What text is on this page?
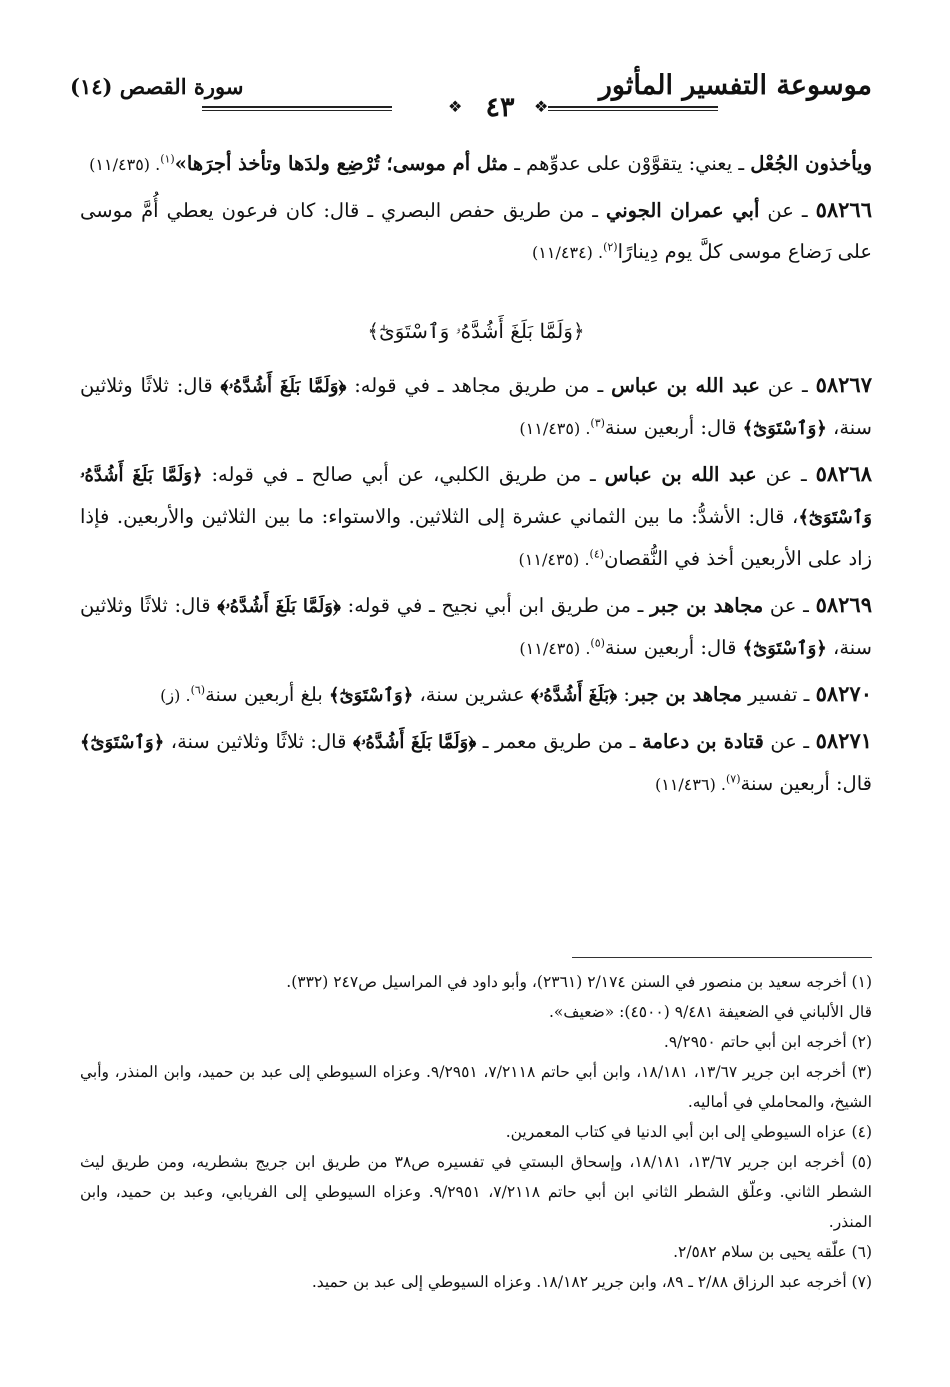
موسوعة التفسير المأثور
❖
٤٣
❖
سورة القصص (١٤)

ويأخذون الجُعْل ـ يعني: يتقوَّوْن على عدوِّهم ـ مثل أم موسى؛ تُرْضِع ولدَها وتأخذ أجرَها»$^{(١)}$. (١١/٤٣٥)

٥٨٢٦٦ ـ عن أبي عمران الجوني ـ من طريق حفص البصري ـ قال: كان فرعون يعطي أُمَّ موسى على رَضاع موسى كلَّ يوم دِينارًا$^{(٢)}$. (١١/٤٣٤)

﴿وَلَمَّا بَلَغَ أَشُدَّهُۥ وَٱسْتَوَىٰٓ﴾

٥٨٢٦٧ ـ عن عبد الله بن عباس ـ من طريق مجاهد ـ في قوله: ﴿وَلَمَّا بَلَغَ أَشُدَّهُۥ﴾ قال: ثلاثًا وثلاثين سنة، ﴿وَٱسْتَوَىٰٓ﴾ قال: أربعين سنة$^{(٣)}$. (١١/٤٣٥)

٥٨٢٦٨ ـ عن عبد الله بن عباس ـ من طريق الكلبي، عن أبي صالح ـ في قوله: ﴿وَلَمَّا بَلَغَ أَشُدَّهُۥ وَٱسْتَوَىٰٓ﴾، قال: الأشدُّ: ما بين الثماني عشرة إلى الثلاثين. والاستواء: ما بين الثلاثين والأربعين. فإذا زاد على الأربعين أخذ في النُّقصان$^{(٤)}$. (١١/٤٣٥)

٥٨٢٦٩ ـ عن مجاهد بن جبر ـ من طريق ابن أبي نجيح ـ في قوله: ﴿وَلَمَّا بَلَغَ أَشُدَّهُۥ﴾ قال: ثلاثًا وثلاثين سنة، ﴿وَٱسْتَوَىٰٓ﴾ قال: أربعين سنة$^{(٥)}$. (١١/٤٣٥)

٥٨٢٧٠ ـ تفسير مجاهد بن جبر: ﴿بَلَغَ أَشُدَّهُۥ﴾ عشرين سنة، ﴿وَٱسْتَوَىٰٓ﴾ بلغ أربعين سنة$^{(٦)}$. (ز)

٥٨٢٧١ ـ عن قتادة بن دعامة ـ من طريق معمر ـ ﴿وَلَمَّا بَلَغَ أَشُدَّهُۥ﴾ قال: ثلاثًا وثلاثين سنة، ﴿وَٱسْتَوَىٰٓ﴾ قال: أربعين سنة$^{(٧)}$. (١١/٤٣٦)

(١) أخرجه سعيد بن منصور في السنن ٢/١٧٤ (٢٣٦١)، وأبو داود في المراسيل ص٢٤٧ (٣٣٢).

قال الألباني في الضعيفة ٩/٤٨١ (٤٥٠٠): «ضعيف».

(٢) أخرجه ابن أبي حاتم ٩/٢٩٥٠.

(٣) أخرجه ابن جرير ١٣/٦٧، ١٨/١٨١، وابن أبي حاتم ٧/٢١١٨، ٩/٢٩٥١. وعزاه السيوطي إلى عبد بن حميد، وابن المنذر، وأبي الشيخ، والمحاملي في أماليه.

(٤) عزاه السيوطي إلى ابن أبي الدنيا في كتاب المعمرين.

(٥) أخرجه ابن جرير ١٣/٦٧، ١٨/١٨١، وإسحاق البستي في تفسيره ص٣٨ من طريق ابن جريج بشطريه، ومن طريق ليث الشطر الثاني. وعلّق الشطر الثاني ابن أبي حاتم ٧/٢١١٨، ٩/٢٩٥١. وعزاه السيوطي إلى الفريابي، وعبد بن حميد، وابن المنذر.

(٦) علّقه يحيى بن سلام ٢/٥٨٢.

(٧) أخرجه عبد الرزاق ٢/٨٨ ـ ٨٩، وابن جرير ١٨/١٨٢. وعزاه السيوطي إلى عبد بن حميد.
